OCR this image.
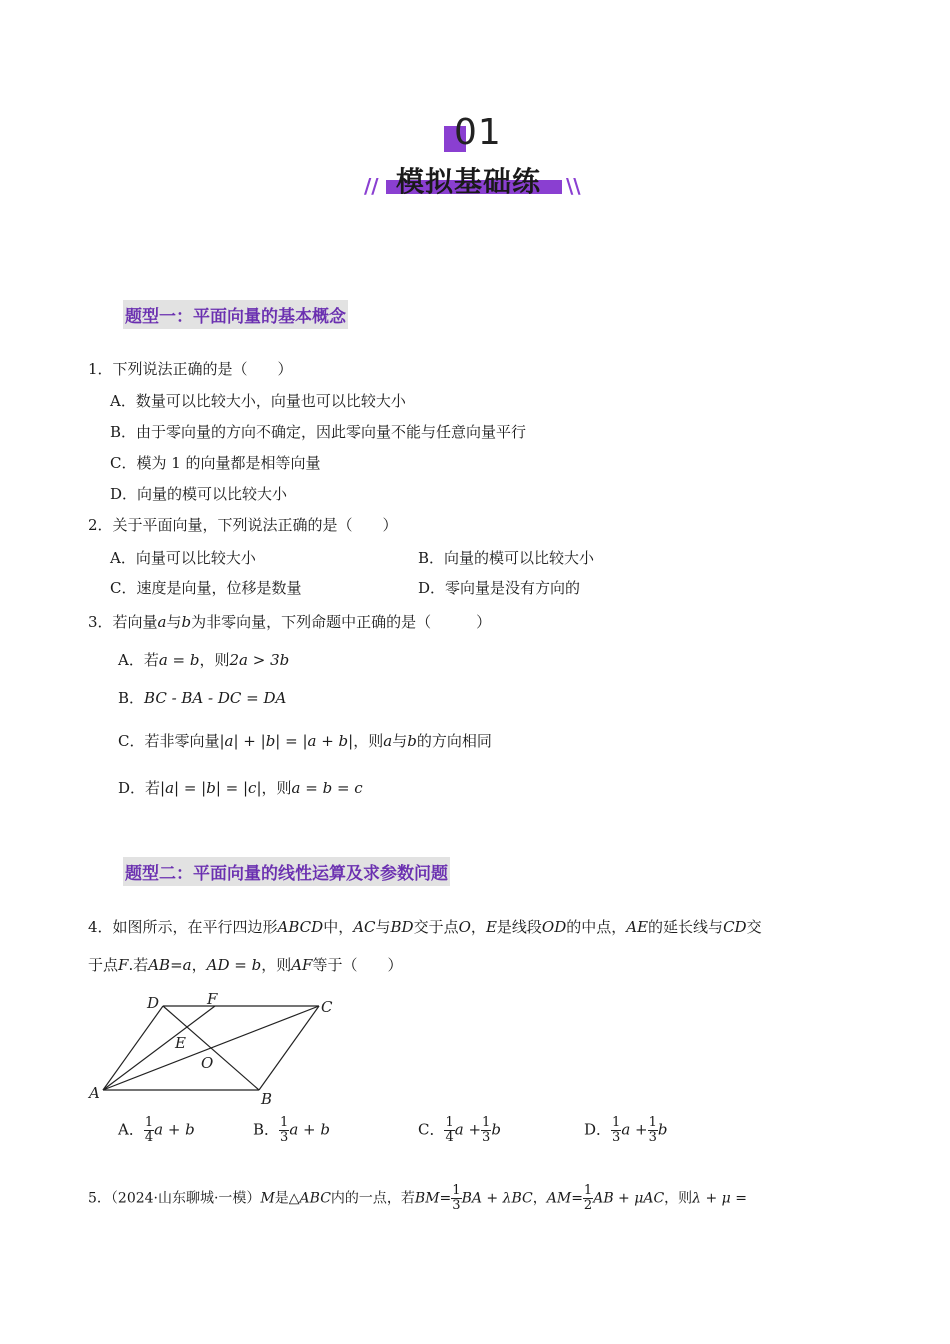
01
// 模拟基础练 \\
题型一：平面向量的基本概念
1．下列说法正确的是（　　）
A．数量可以比较大小，向量也可以比较大小
B．由于零向量的方向不确定，因此零向量不能与任意向量平行
C．模为 1 的向量都是相等向量
D．向量的模可以比较大小
2．关于平面向量，下列说法正确的是（　　）
A．向量可以比较大小	B．向量的模可以比较大小
C．速度是向量，位移是数量	D．零向量是没有方向的
3．若向量a与b为非零向量，下列命题中正确的是（　　　）
A．若a = b，则2a > 3b
B．BC - BA - DC = DA
C．若非零向量|a| + |b| = |a + b|，则a与b的方向相同
D．若|a| = |b| = |c|，则a = b = c
题型二：平面向量的线性运算及求参数问题
4．如图所示，在平行四边形ABCD中，AC与BD交于点O，E是线段OD的中点，AE的延长线与CD交
于点F.若AB=a，AD = b，则AF等于（　　）
A	B
C
D
E
F
O
A． $\frac{1}{4}$ a + b	B． $\frac{1}{3}$ a + b	C． $\frac{1}{4}$ $a + \frac{1}{3}$ b	D． $\frac{1}{3}$ $a + \frac{1}{3}$ b
5．（2024·山东聊城·一模）M是△ABC内的一点，若$BM= \frac{1}{3}$ BA + λBC，$AM= \frac{1}{2}$ AB + μAC，则λ + μ =
